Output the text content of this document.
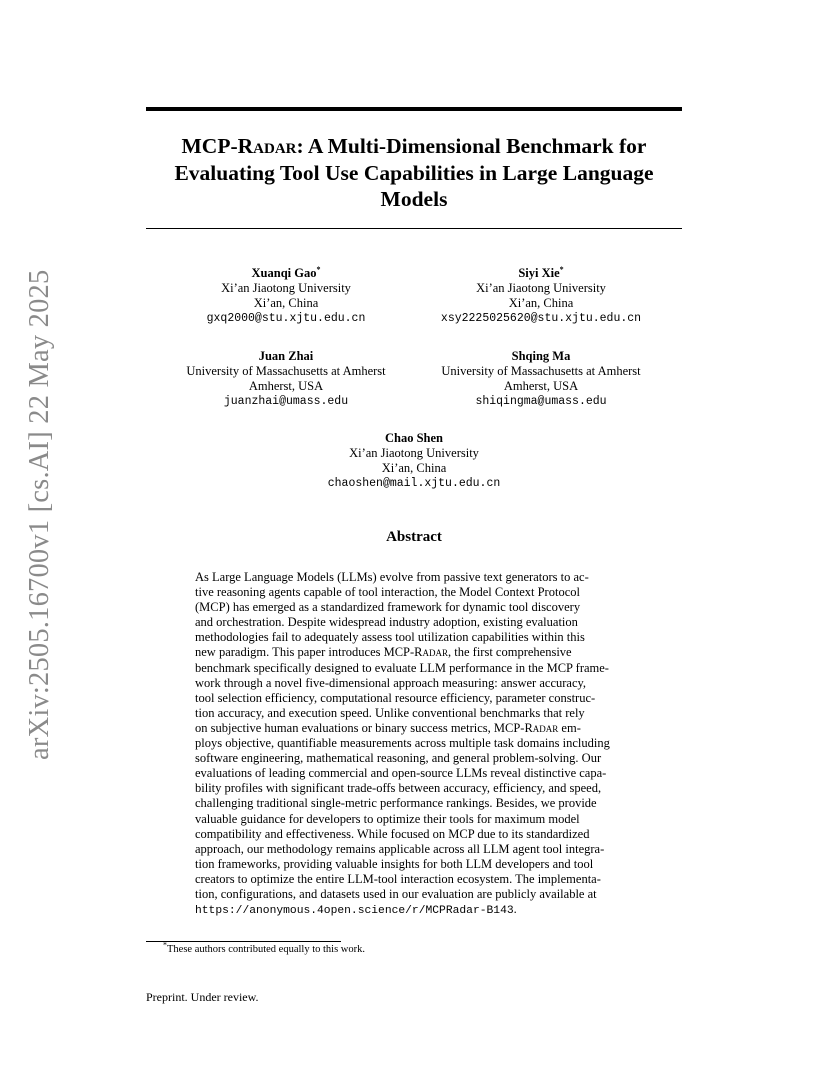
arXiv:2505.16700v1 [cs.AI] 22 May 2025
MCP-Radar: A Multi-Dimensional Benchmark for
Evaluating Tool Use Capabilities in Large Language
Models
Xuanqi Gao*
Xi’an Jiaotong University
Xi’an, China
gxq2000@stu.xjtu.edu.cn
Siyi Xie*
Xi’an Jiaotong University
Xi’an, China
xsy2225025620@stu.xjtu.edu.cn
Juan Zhai
University of Massachusetts at Amherst
Amherst, USA
juanzhai@umass.edu
Shqing Ma
University of Massachusetts at Amherst
Amherst, USA
shiqingma@umass.edu
Chao Shen
Xi’an Jiaotong University
Xi’an, China
chaoshen@mail.xjtu.edu.cn
Abstract
As Large Language Models (LLMs) evolve from passive text generators to ac-
tive reasoning agents capable of tool interaction, the Model Context Protocol
(MCP) has emerged as a standardized framework for dynamic tool discovery
and orchestration. Despite widespread industry adoption, existing evaluation
methodologies fail to adequately assess tool utilization capabilities within this
new paradigm. This paper introduces MCP-Radar, the first comprehensive
benchmark specifically designed to evaluate LLM performance in the MCP frame-
work through a novel five-dimensional approach measuring: answer accuracy,
tool selection efficiency, computational resource efficiency, parameter construc-
tion accuracy, and execution speed. Unlike conventional benchmarks that rely
on subjective human evaluations or binary success metrics, MCP-Radar em-
ploys objective, quantifiable measurements across multiple task domains including
software engineering, mathematical reasoning, and general problem-solving. Our
evaluations of leading commercial and open-source LLMs reveal distinctive capa-
bility profiles with significant trade-offs between accuracy, efficiency, and speed,
challenging traditional single-metric performance rankings. Besides, we provide
valuable guidance for developers to optimize their tools for maximum model
compatibility and effectiveness. While focused on MCP due to its standardized
approach, our methodology remains applicable across all LLM agent tool integra-
tion frameworks, providing valuable insights for both LLM developers and tool
creators to optimize the entire LLM-tool interaction ecosystem. The implementa-
tion, configurations, and datasets used in our evaluation are publicly available at
https://anonymous.4open.science/r/MCPRadar-B143.
*These authors contributed equally to this work.
Preprint. Under review.
